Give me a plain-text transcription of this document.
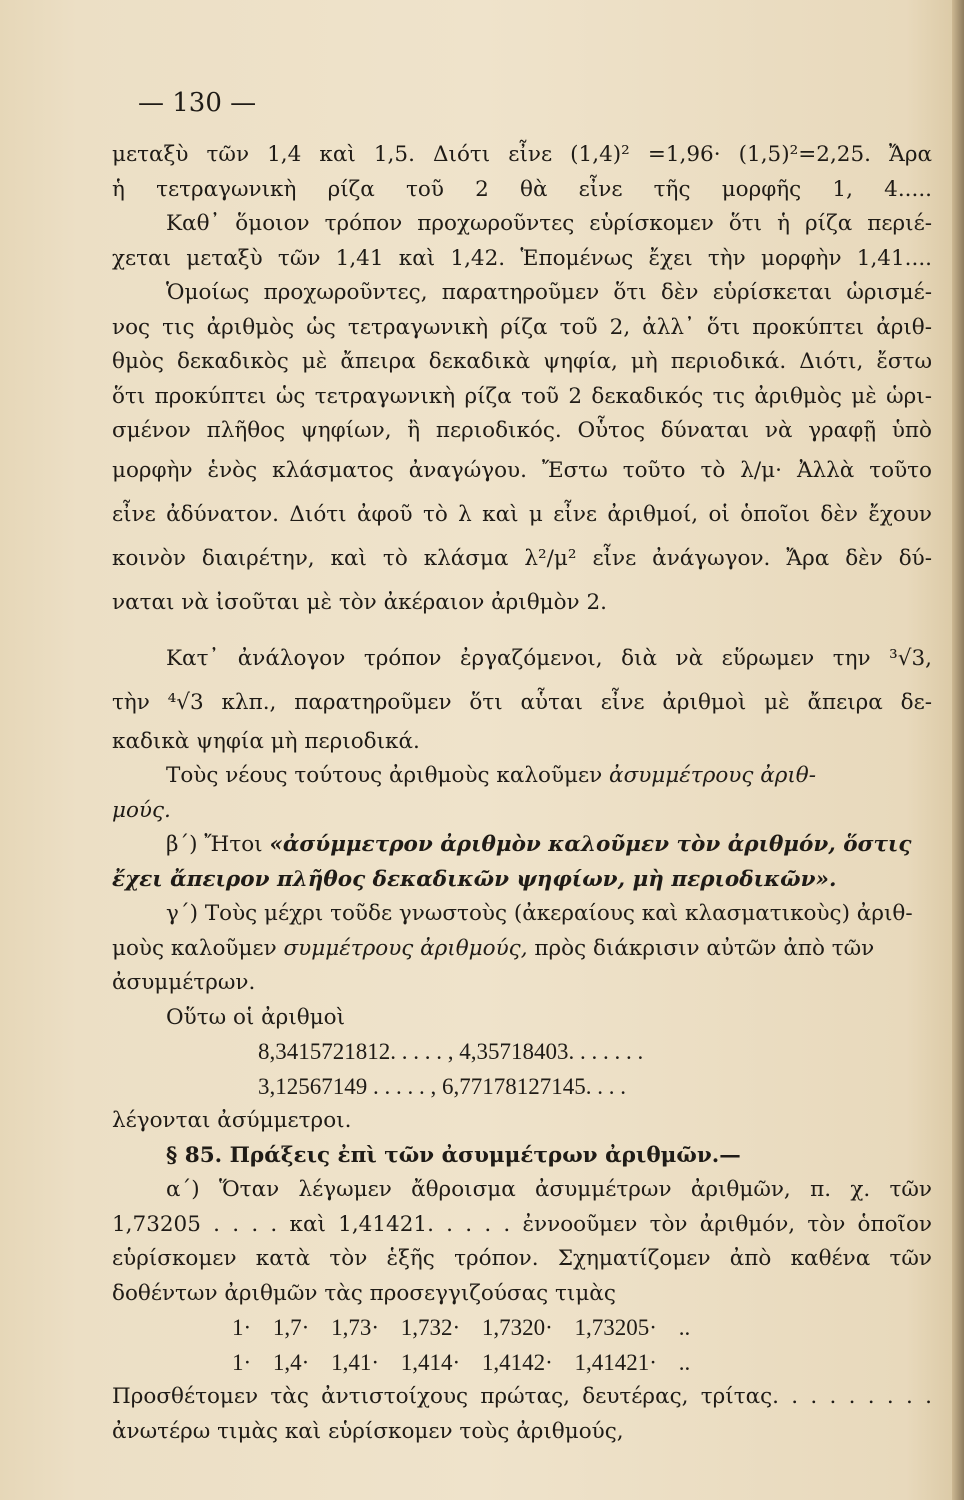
— 130 —

μεταξὺ τῶν 1,4 καὶ 1,5. Διότι εἶνε (1,4)² =1,96· (1,5)²=2,25. Ἄρα

ἡ τετραγωνικὴ ρίζα τοῦ 2 θὰ εἶνε τῆς μορφῆς 1, 4.....

Καθ᾽ ὅμοιον τρόπον προχωροῦντες εὑρίσκομεν ὅτι ἡ ρίζα περιέ-

χεται μεταξὺ τῶν 1,41 καὶ 1,42. Ἑπομένως ἔχει τὴν μορφὴν 1,41....

Ὁμοίως προχωροῦντες, παρατηροῦμεν ὅτι δὲν εὑρίσκεται ὡρισμέ-

νος τις ἀριθμὸς ὡς τετραγωνικὴ ρίζα τοῦ 2, ἀλλ᾽ ὅτι προκύπτει ἀριθ-

θμὸς δεκαδικὸς μὲ ἄπειρα δεκαδικὰ ψηφία, μὴ περιοδικά. Διότι, ἔστω

ὅτι προκύπτει ὡς τετραγωνικὴ ρίζα τοῦ 2 δεκαδικός τις ἀριθμὸς μὲ ὡρι-

σμένον πλῆθος ψηφίων, ἢ περιοδικός. Οὗτος δύναται νὰ γραφῇ ὑπὸ

μορφὴν ἑνὸς κλάσματος ἀναγώγου. Ἔστω τοῦτο τὸ λ/μ· Ἀλλὰ τοῦτο

εἶνε ἀδύνατον. Διότι ἀφοῦ τὸ λ καὶ μ εἶνε ἀριθμοί, οἱ ὁποῖοι δὲν ἔχουν

κοινὸν διαιρέτην, καὶ τὸ κλάσμα λ²/μ² εἶνε ἀνάγωγον. Ἄρα δὲν δύ-

ναται νὰ ἰσοῦται μὲ τὸν ἀκέραιον ἀριθμὸν 2.

Κατ᾽ ἀνάλογον τρόπον ἐργαζόμενοι, διὰ νὰ εὕρωμεν την ³√3,

τὴν ⁴√3 κλπ., παρατηροῦμεν ὅτι αὗται εἶνε ἀριθμοὶ μὲ ἄπειρα δε-

καδικὰ ψηφία μὴ περιοδικά.

Τοὺς νέους τούτους ἀριθμοὺς καλοῦμεν ἀσυμμέτρους ἀριθ-

μούς.

β´) Ἤτοι «ἀσύμμετρον ἀριθμὸν καλοῦμεν τὸν ἀριθμόν, ὅστις

ἔχει ἄπειρον πλῆθος δεκαδικῶν ψηφίων, μὴ περιοδικῶν».

γ´) Τοὺς μέχρι τοῦδε γνωστοὺς (ἀκεραίους καὶ κλασματικοὺς) ἀριθ-

μοὺς καλοῦμεν συμμέτρους ἀριθμούς, πρὸς διάκρισιν αὐτῶν ἀπὸ τῶν

ἀσυμμέτρων.

Οὕτω οἱ ἀριθμοὶ

8,3415721812. . . . . , 4,35718403. . . . . . .

3,12567149 . . . . . , 6,77178127145. . . .

λέγονται ἀσύμμετροι.

§ 85. Πράξεις ἐπὶ τῶν ἀσυμμέτρων ἀριθμῶν.—

α´) Ὅταν λέγωμεν ἄθροισμα ἀσυμμέτρων ἀριθμῶν, π. χ. τῶν

1,73205 . . . . καὶ 1,41421. . . . . ἐννοοῦμεν τὸν ἀριθμόν, τὸν ὁποῖον

εὑρίσκομεν κατὰ τὸν ἑξῆς τρόπον. Σχηματίζομεν ἀπὸ καθένα τῶν

δοθέντων ἀριθμῶν τὰς προσεγγιζούσας τιμὰς

1· 1,7· 1,73· 1,732· 1,7320· 1,73205· ..

1· 1,4· 1,41· 1,414· 1,4142· 1,41421· ..

Προσθέτομεν τὰς ἀντιστοίχους πρώτας, δευτέρας, τρίτας. . . . . . . . .

ἀνωτέρω τιμὰς καὶ εὑρίσκομεν τοὺς ἀριθμούς,
